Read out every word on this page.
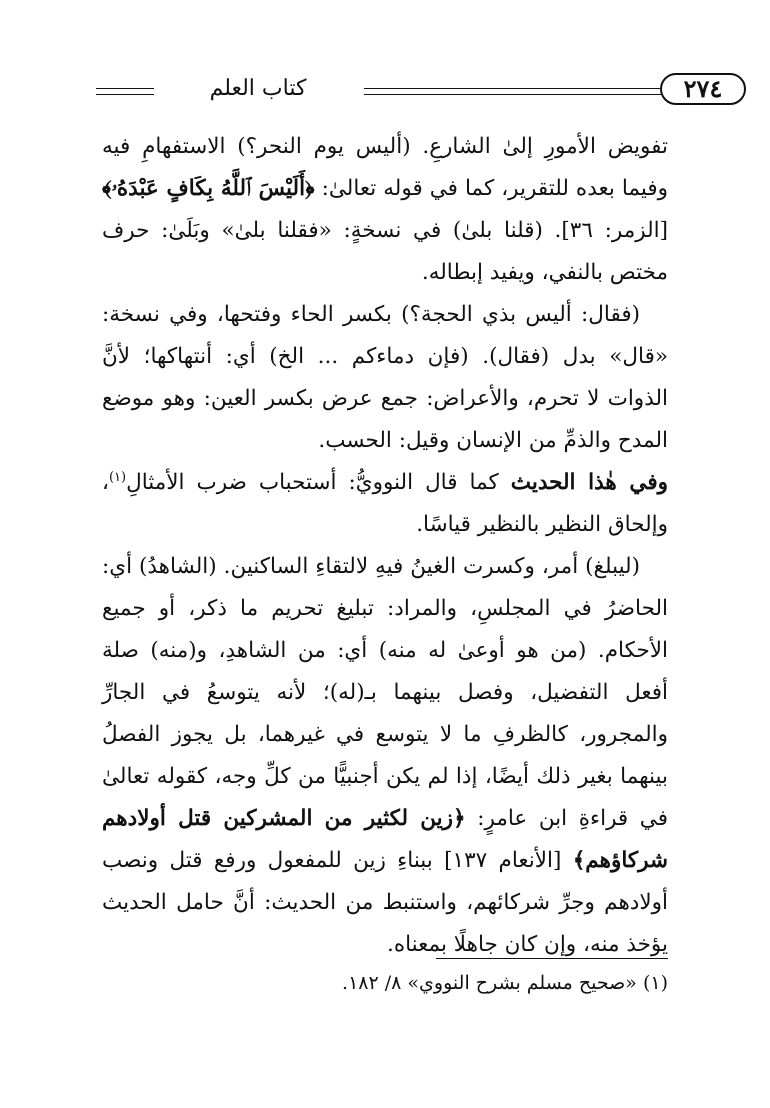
كتاب العلم	٢٧٤

تفويض الأمورِ إلىٰ الشارعِ. (أليس يوم النحر؟) الاستفهامِ فيه وفيما بعده للتقرير، كما في قوله تعالىٰ: ﴿أَلَيْسَ ٱللَّهُ بِكَافٍ عَبْدَهُۥ﴾ [الزمر: ٣٦]. (قلنا بلىٰ) في نسخةٍ: «فقلنا بلىٰ» وبَلَىٰ: حرف مختص بالنفي، ويفيد إبطاله.

(فقال: أليس بذي الحجة؟) بكسر الحاء وفتحها، وفي نسخة: «قال» بدل (فقال). (فإن دماءكم ... الخ) أي: أنتهاكها؛ لأنَّ الذوات لا تحرم، والأعراض: جمع عرض بكسر العين: وهو موضع المدح والذمِّ من الإنسان وقيل: الحسب.

وفي هٰذا الحديث كما قال النوويُّ: أستحباب ضرب الأمثالِ$^{(١)}$، وإلحاق النظير بالنظير قياسًا.

(ليبلغ) أمر، وكسرت الغينُ فيهِ لالتقاءِ الساكنين. (الشاهدُ) أي: الحاضرُ في المجلسِ، والمراد: تبليغ تحريم ما ذكر، أو جميع الأحكام. (من هو أوعىٰ له منه) أي: من الشاهدِ، و(منه) صلة أفعل التفضيل، وفصل بينهما بـ(له)؛ لأنه يتوسعُ في الجارِّ والمجرور، كالظرفِ ما لا يتوسع في غيرهما، بل يجوز الفصلُ بينهما بغير ذلك أيضًا، إذا لم يكن أجنبيًّا من كلِّ وجه، كقوله تعالىٰ في قراءةِ ابن عامرٍ: ﴿زين لكثير من المشركين قتل أولادهم شركاؤهم﴾ [الأنعام ١٣٧] ببناءِ زين للمفعول ورفع قتل ونصب أولادهم وجرِّ شركائهم، واستنبط من الحديث: أنَّ حامل الحديث يؤخذ منه، وإن كان جاهلًا بمعناه.

(١) «صحيح مسلم بشرح النووي» ٨/ ١٨٢.
